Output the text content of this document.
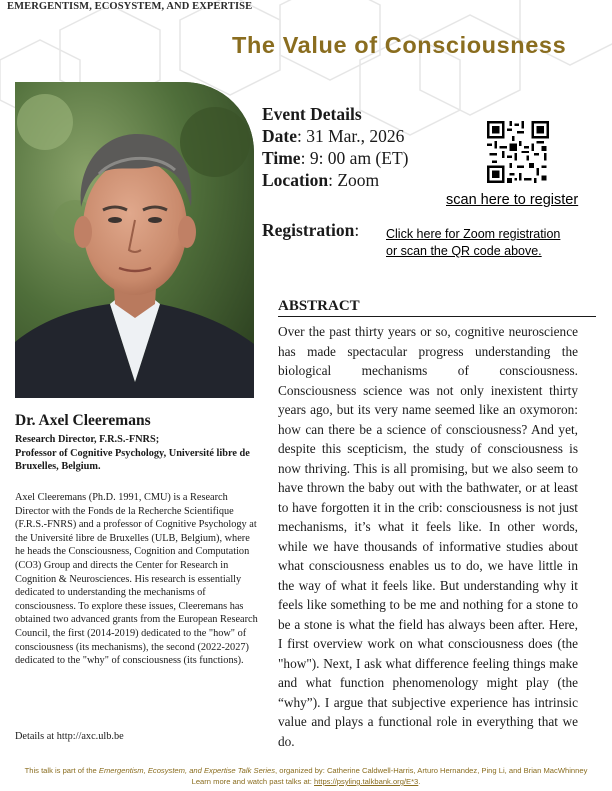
EMERGENTISM, ECOSYSTEM, AND EXPERTISE
The Value of Consciousness
Event Details
Date: 31 Mar., 2026
Time: 9: 00 am (ET)
Location: Zoom
scan here to register
Registration: Click here for Zoom registration
or scan the QR code above.
ABSTRACT
Over the past thirty years or so, cognitive neuroscience has made spectacular progress understanding the biological mechanisms of consciousness. Consciousness science was not only inexistent thirty years ago, but its very name seemed like an oxymoron: how can there be a science of consciousness? And yet, despite this scepticism, the study of consciousness is now thriving. This is all promising, but we also seem to have thrown the baby out with the bathwater, or at least to have forgotten it in the crib: consciousness is not just mechanisms, it’s what it feels like. In other words, while we have thousands of informative studies about what consciousness enables us to do, we have little in the way of what it feels like. But understanding why it feels like something to be me and nothing for a stone to be a stone is what the field has always been after. Here, I first overview work on what consciousness does (the "how"). Next, I ask what difference feeling things make and what function phenomenology might play (the “why”). I argue that subjective experience has intrinsic value and plays a functional role in everything that we do.
Dr. Axel Cleeremans
Research Director, F.R.S.-FNRS;
Professor of Cognitive Psychology, Université libre de Bruxelles, Belgium.
Axel Cleeremans (Ph.D. 1991, CMU) is a Research Director with the Fonds de la Recherche Scientifique (F.R.S.-FNRS) and a professor of Cognitive Psychology at the Université libre de Bruxelles (ULB, Belgium), where he heads the Consciousness, Cognition and Computation (CO3) Group and directs the Center for Research in Cognition & Neurosciences. His research is essentially dedicated to understanding the mechanisms of consciousness. To explore these issues, Cleeremans has obtained two advanced grants from the European Research Council, the first (2014-2019) dedicated to the "how" of consciousness (its mechanisms), the second (2022-2027) dedicated to the "why" of consciousness (its functions).
Details at http://axc.ulb.be
This talk is part of the Emergentism, Ecosystem, and Expertise Talk Series, organized by: Catherine Caldwell-Harris, Arturo Hernandez, Ping Li, and Brian MacWhinney
Learn more and watch past talks at: https://psyling.talkbank.org/E*3.
